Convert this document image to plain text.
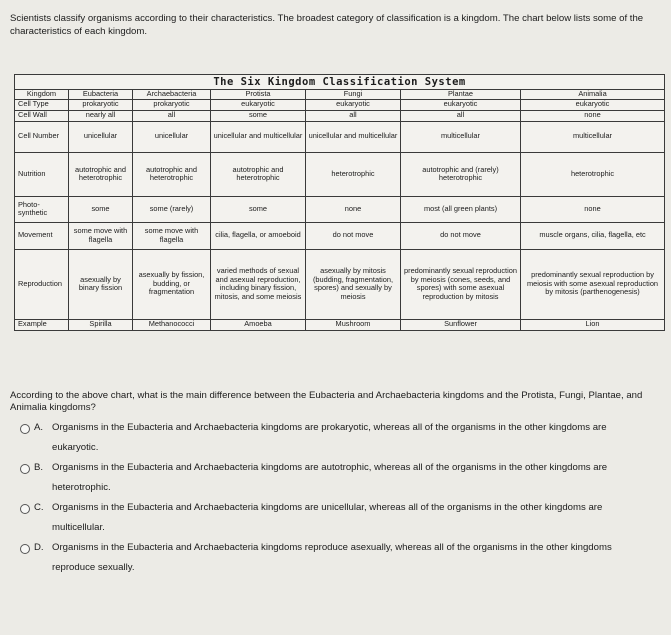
Scientists classify organisms according to their characteristics. The broadest category of classification is a kingdom. The chart below lists some of the characteristics of each kingdom.
The Six Kingdom Classification System						
Kingdom	Eubacteria	Archaebacteria	Protista	Fungi	Plantae	Animalia
Cell Type	prokaryotic	prokaryotic	eukaryotic	eukaryotic	eukaryotic	eukaryotic
Cell Wall	nearly all	all	some	all	all	none
Cell Number	unicellular	unicellular	unicellular and multicellular	unicellular and multicellular	multicellular	multicellular
Nutrition	autotrophic and heterotrophic	autotrophic and heterotrophic	autotrophic and heterotrophic	heterotrophic	autotrophic and (rarely) heterotrophic	heterotrophic
Photo-synthetic	some	some (rarely)	some	none	most (all green plants)	none
Movement	some move with flagella	some move with flagella	cilia, flagella, or amoeboid	do not move	do not move	muscle organs, cilia, flagella, etc
Reproduction	asexually by binary fission	asexually by fission, budding, or fragmentation	varied methods of sexual and asexual reproduction, including binary fission, mitosis, and some meiosis	asexually by mitosis (budding, fragmentation, spores) and sexually by meiosis	predominantly sexual reproduction by meiosis (cones, seeds, and spores) with some asexual reproduction by mitosis	predominantly sexual reproduction by meiosis with some asexual reproduction by mitosis (parthenogenesis)
Example	Spirilla	Methanococci	Amoeba	Mushroom	Sunflower	Lion
According to the above chart, what is the main difference between the Eubacteria and Archaebacteria kingdoms and the Protista, Fungi, Plantae, and Animalia kingdoms?
A. Organisms in the Eubacteria and Archaebacteria kingdoms are prokaryotic, whereas all of the organisms in the other kingdoms are eukaryotic.
B. Organisms in the Eubacteria and Archaebacteria kingdoms are autotrophic, whereas all of the organisms in the other kingdoms are heterotrophic.
C. Organisms in the Eubacteria and Archaebacteria kingdoms are unicellular, whereas all of the organisms in the other kingdoms are multicellular.
D. Organisms in the Eubacteria and Archaebacteria kingdoms reproduce asexually, whereas all of the organisms in the other kingdoms reproduce sexually.
